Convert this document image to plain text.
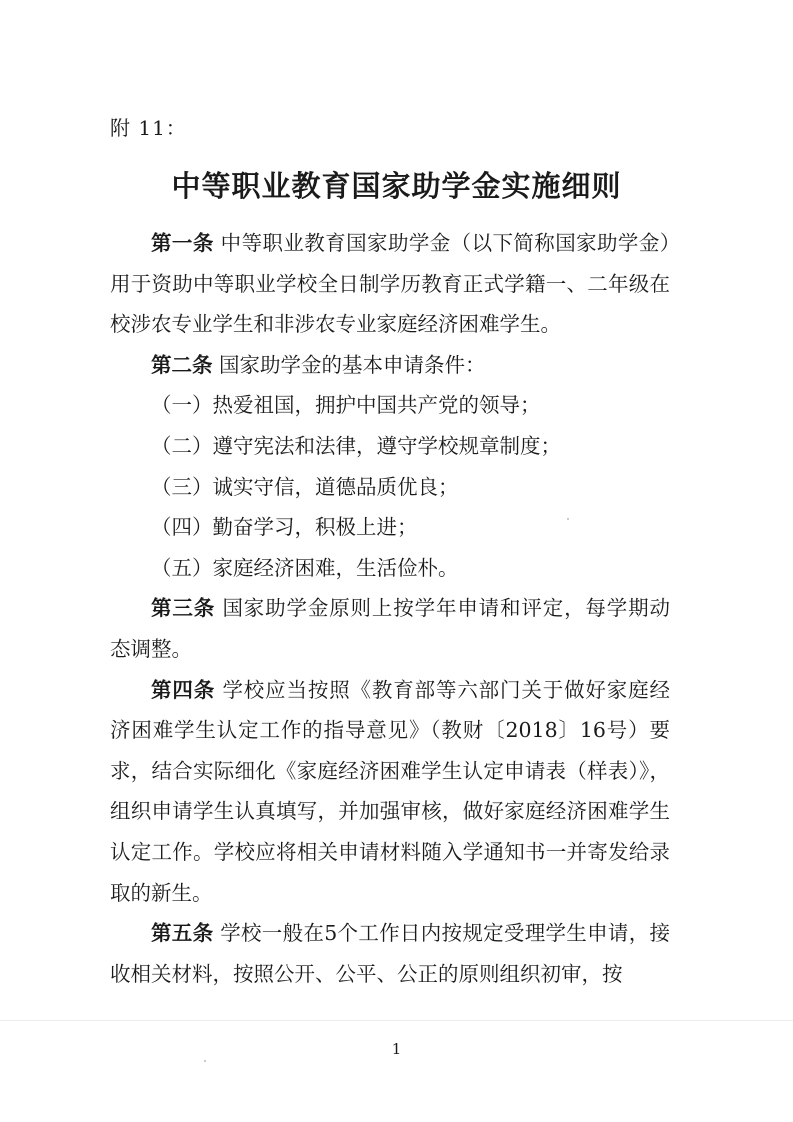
附 11：
中等职业教育国家助学金实施细则

第一条 中等职业教育国家助学金（以下简称国家助学金）用于资助中等职业学校全日制学历教育正式学籍一、二年级在校涉农专业学生和非涉农专业家庭经济困难学生。

第二条 国家助学金的基本申请条件：

（一）热爱祖国，拥护中国共产党的领导；

（二）遵守宪法和法律，遵守学校规章制度；

（三）诚实守信，道德品质优良；

（四）勤奋学习，积极上进；

（五）家庭经济困难，生活俭朴。

第三条 国家助学金原则上按学年申请和评定，每学期动态调整。

第四条 学校应当按照《教育部等六部门关于做好家庭经济困难学生认定工作的指导意见》（教财〔2018〕16号）要求，结合实际细化《家庭经济困难学生认定申请表（样表）》，组织申请学生认真填写，并加强审核，做好家庭经济困难学生认定工作。学校应将相关申请材料随入学通知书一并寄发给录取的新生。

第五条 学校一般在5个工作日内按规定受理学生申请，接收相关材料，按照公开、公平、公正的原则组织初审，按

1
